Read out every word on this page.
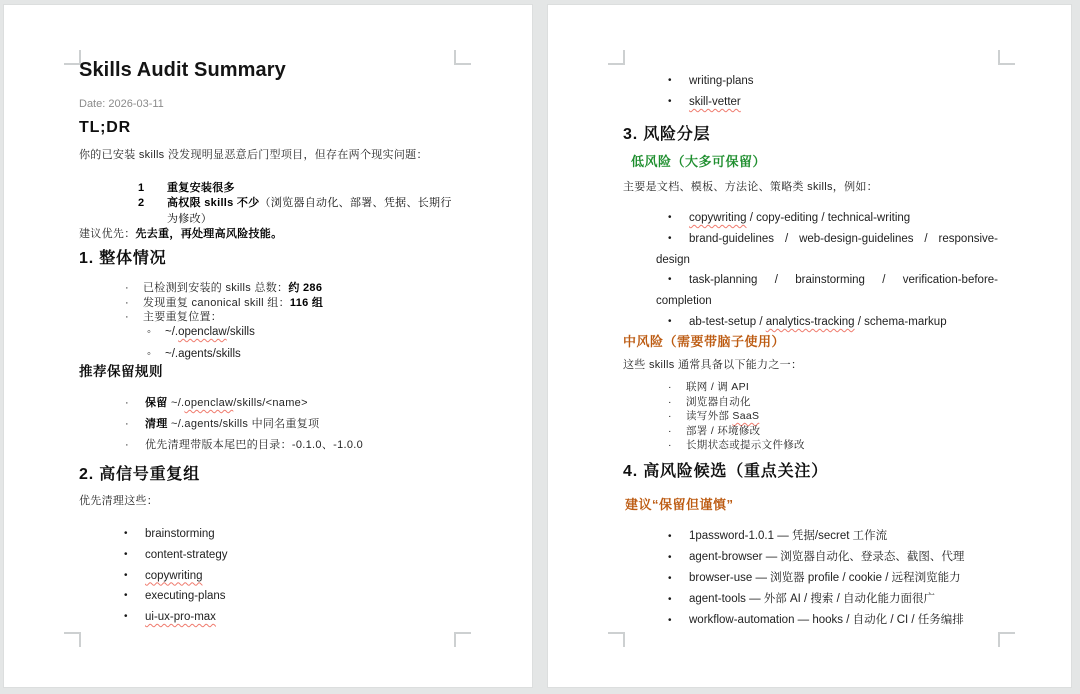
Skills Audit Summary
Date: 2026-03-11
TL;DR
你的已安装 skills 没发现明显恶意后门型项目，但存在两个现实问题：
1 重复安装很多
2 高权限 skills 不少（浏览器自动化、部署、凭据、长期行为修改）
建议优先：先去重，再处理高风险技能。
1. 整体情况
· 已检测到安装的 skills 总数：约 286
· 发现重复 canonical skill 组：116 组
· 主要重复位置：
◦ ~/.openclaw/skills
◦ ~/.agents/skills
推荐保留规则
· 保留 ~/.openclaw/skills/<name>
· 清理 ~/.agents/skills 中同名重复项
· 优先清理带版本尾巴的目录：-0.1.0、-1.0.0
2. 高信号重复组
优先清理这些：
• brainstorming
• content-strategy
• copywriting
• executing-plans
• ui-ux-pro-max
• writing-plans
• skill-vetter
3. 风险分层
低风险（大多可保留）
主要是文档、模板、方法论、策略类 skills，例如：
• copywriting / copy-editing / technical-writing
• brand-guidelines / web-design-guidelines / responsive-
design
• task-planning / brainstorming / verification-before-
completion
• ab-test-setup / analytics-tracking / schema-markup
中风险（需要带脑子使用）
这些 skills 通常具备以下能力之一：
· 联网 / 调 API
· 浏览器自动化
· 读写外部 SaaS
· 部署 / 环境修改
· 长期状态或提示文件修改
4. 高风险候选（重点关注）
建议“保留但谨慎”
• 1password-1.0.1 — 凭据/secret 工作流
• agent-browser — 浏览器自动化、登录态、截图、代理
• browser-use — 浏览器 profile / cookie / 远程浏览能力
• agent-tools — 外部 AI / 搜索 / 自动化能力面很广
• workflow-automation — hooks / 自动化 / CI / 任务编排
